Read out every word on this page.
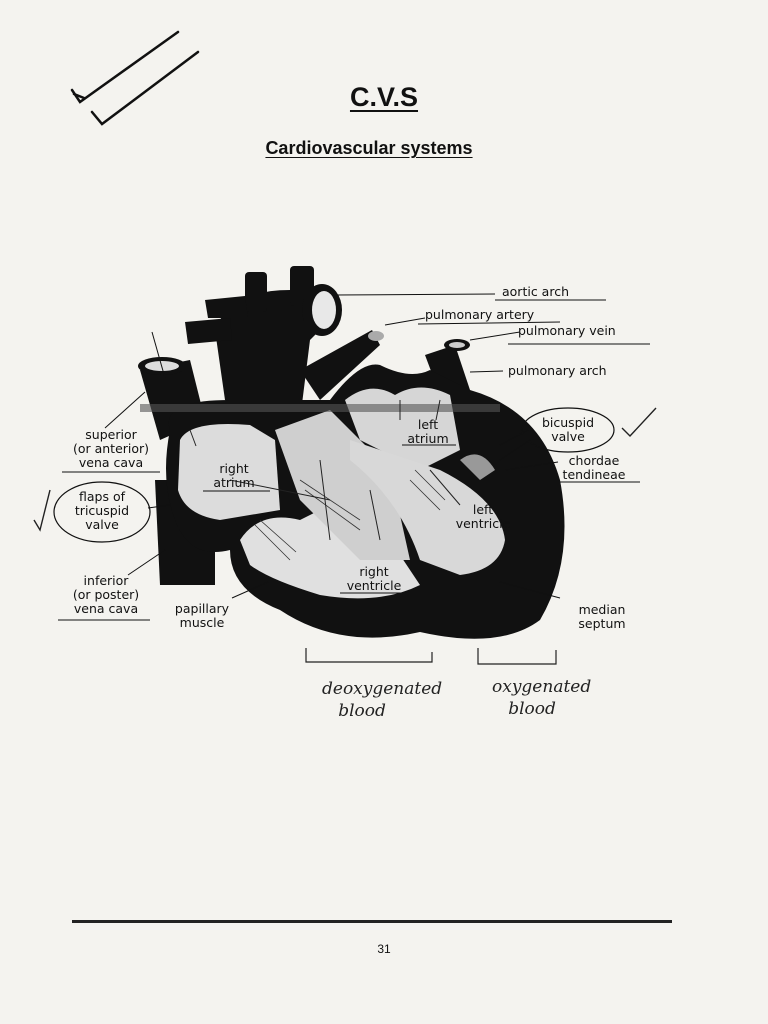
C.V.S
Cardiovascular systems
aortic arch
pulmonary artery
pulmonary vein
pulmonary arch
superior
(or anterior)
vena cava	right
atrium
left
atrium
bicuspid
valve
chordae
tendineae
flaps of
tricuspid
valve
left
ventricle
right
ventricle
inferior
(or poster)
vena cava	papillary
muscle
median
septum
deoxygenated
blood
oxygenated
blood
31
